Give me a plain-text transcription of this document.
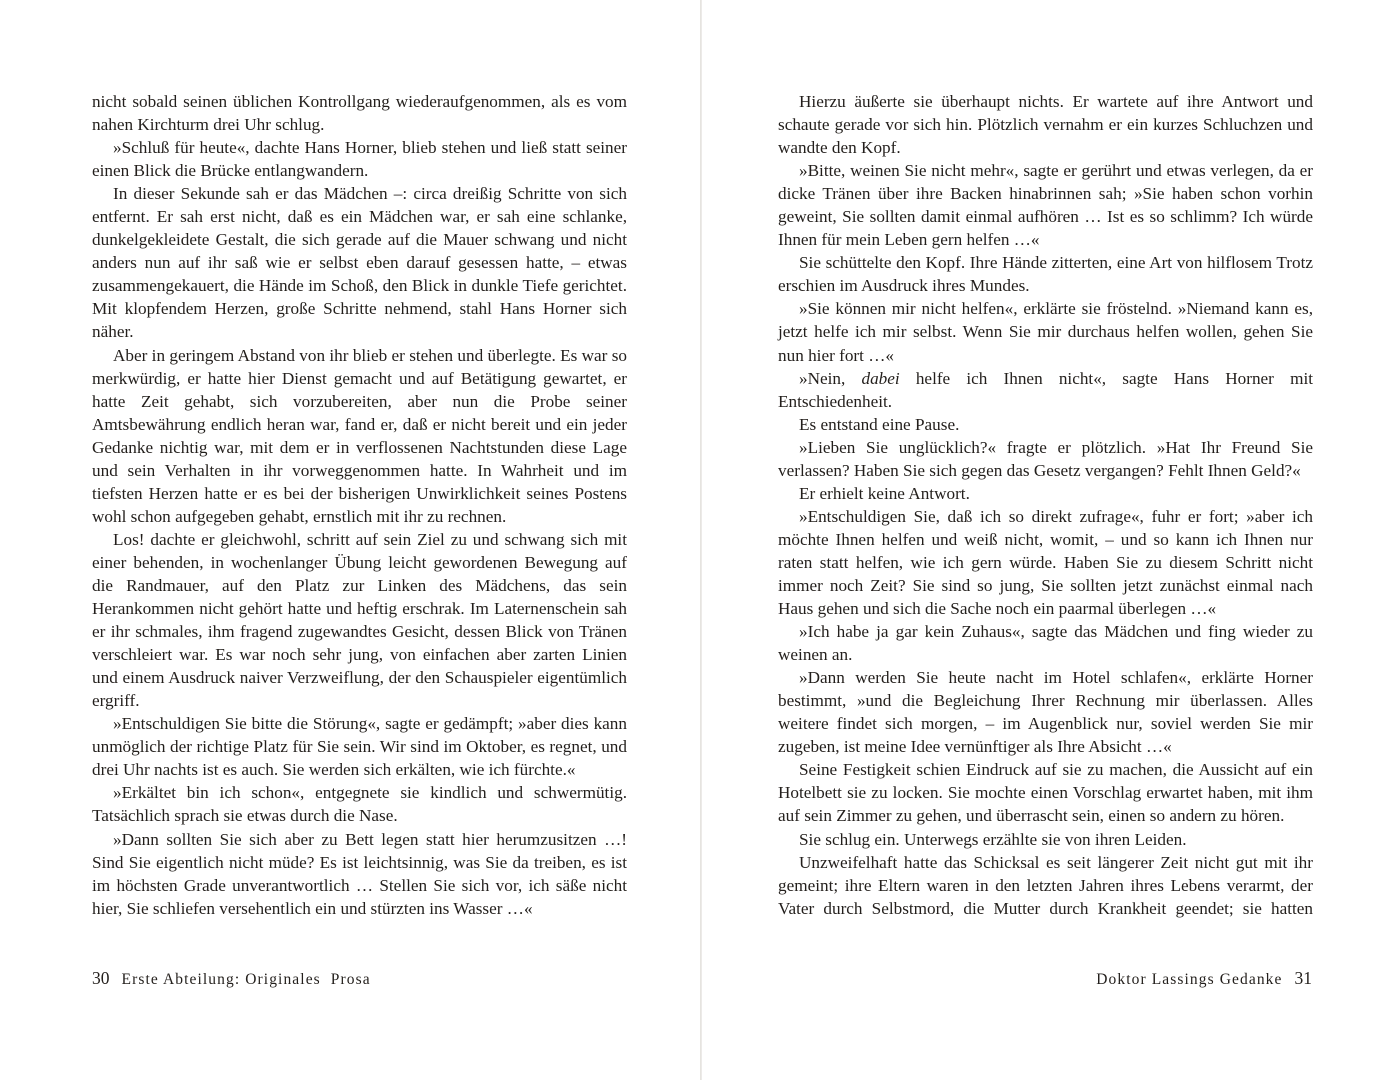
nicht sobald seinen üblichen Kontrollgang wiederaufgenommen, als es vom nahen Kirchturm drei Uhr schlug.

»Schluß für heute«, dachte Hans Horner, blieb stehen und ließ statt seiner einen Blick die Brücke entlangwandern.

In dieser Sekunde sah er das Mädchen –: circa dreißig Schritte von sich entfernt. Er sah erst nicht, daß es ein Mädchen war, er sah eine schlanke, dunkelgekleidete Gestalt, die sich gerade auf die Mauer schwang und nicht anders nun auf ihr saß wie er selbst eben darauf gesessen hatte, – etwas zusammengekauert, die Hände im Schoß, den Blick in dunkle Tiefe gerichtet. Mit klopfendem Herzen, große Schritte nehmend, stahl Hans Horner sich näher.

Aber in geringem Abstand von ihr blieb er stehen und überlegte. Es war so merkwürdig, er hatte hier Dienst gemacht und auf Betätigung gewartet, er hatte Zeit gehabt, sich vorzubereiten, aber nun die Probe seiner Amtsbewährung endlich heran war, fand er, daß er nicht bereit und ein jeder Gedanke nichtig war, mit dem er in verflossenen Nachtstunden diese Lage und sein Verhalten in ihr vorweggenommen hatte. In Wahrheit und im tiefsten Herzen hatte er es bei der bisherigen Unwirklichkeit seines Postens wohl schon aufgegeben gehabt, ernstlich mit ihr zu rechnen.

Los! dachte er gleichwohl, schritt auf sein Ziel zu und schwang sich mit einer behenden, in wochenlanger Übung leicht gewordenen Bewegung auf die Randmauer, auf den Platz zur Linken des Mädchens, das sein Herankommen nicht gehört hatte und heftig erschrak. Im Laternenschein sah er ihr schmales, ihm fragend zugewandtes Gesicht, dessen Blick von Tränen verschleiert war. Es war noch sehr jung, von einfachen aber zarten Linien und einem Ausdruck naiver Verzweiflung, der den Schauspieler eigentümlich ergriff.

»Entschuldigen Sie bitte die Störung«, sagte er gedämpft; »aber dies kann unmöglich der richtige Platz für Sie sein. Wir sind im Oktober, es regnet, und drei Uhr nachts ist es auch. Sie werden sich erkälten, wie ich fürchte.«

»Erkältet bin ich schon«, entgegnete sie kindlich und schwermütig. Tatsächlich sprach sie etwas durch die Nase.

»Dann sollten Sie sich aber zu Bett legen statt hier herumzusitzen …! Sind Sie eigentlich nicht müde? Es ist leichtsinnig, was Sie da treiben, es ist im höchsten Grade unverantwortlich … Stellen Sie sich vor, ich säße nicht hier, Sie schliefen versehentlich ein und stürzten ins Wasser …«

30 Erste Abteilung: Originales  Prosa

Hierzu äußerte sie überhaupt nichts. Er wartete auf ihre Antwort und schaute gerade vor sich hin. Plötzlich vernahm er ein kurzes Schluchzen und wandte den Kopf.

»Bitte, weinen Sie nicht mehr«, sagte er gerührt und etwas verlegen, da er dicke Tränen über ihre Backen hinabrinnen sah; »Sie haben schon vorhin geweint, Sie sollten damit einmal aufhören … Ist es so schlimm? Ich würde Ihnen für mein Leben gern helfen …«

Sie schüttelte den Kopf. Ihre Hände zitterten, eine Art von hilflosem Trotz erschien im Ausdruck ihres Mundes.

»Sie können mir nicht helfen«, erklärte sie fröstelnd. »Niemand kann es, jetzt helfe ich mir selbst. Wenn Sie mir durchaus helfen wollen, gehen Sie nun hier fort …«

»Nein, dabei helfe ich Ihnen nicht«, sagte Hans Horner mit Entschiedenheit.

Es entstand eine Pause.

»Lieben Sie unglücklich?« fragte er plötzlich. »Hat Ihr Freund Sie verlassen? Haben Sie sich gegen das Gesetz vergangen? Fehlt Ihnen Geld?«

Er erhielt keine Antwort.

»Entschuldigen Sie, daß ich so direkt zufrage«, fuhr er fort; »aber ich möchte Ihnen helfen und weiß nicht, womit, – und so kann ich Ihnen nur raten statt helfen, wie ich gern würde. Haben Sie zu diesem Schritt nicht immer noch Zeit? Sie sind so jung, Sie sollten jetzt zunächst einmal nach Haus gehen und sich die Sache noch ein paarmal überlegen …«

»Ich habe ja gar kein Zuhaus«, sagte das Mädchen und fing wieder zu weinen an.

»Dann werden Sie heute nacht im Hotel schlafen«, erklärte Horner bestimmt, »und die Begleichung Ihrer Rechnung mir überlassen. Alles weitere findet sich morgen, – im Augenblick nur, soviel werden Sie mir zugeben, ist meine Idee vernünftiger als Ihre Absicht …«

Seine Festigkeit schien Eindruck auf sie zu machen, die Aussicht auf ein Hotelbett sie zu locken. Sie mochte einen Vorschlag erwartet haben, mit ihm auf sein Zimmer zu gehen, und überrascht sein, einen so andern zu hören.

Sie schlug ein. Unterwegs erzählte sie von ihren Leiden.

Unzweifelhaft hatte das Schicksal es seit längerer Zeit nicht gut mit ihr gemeint; ihre Eltern waren in den letzten Jahren ihres Lebens verarmt, der Vater durch Selbstmord, die Mutter durch Krankheit geendet; sie hatten

Doktor Lassings Gedanke 31
